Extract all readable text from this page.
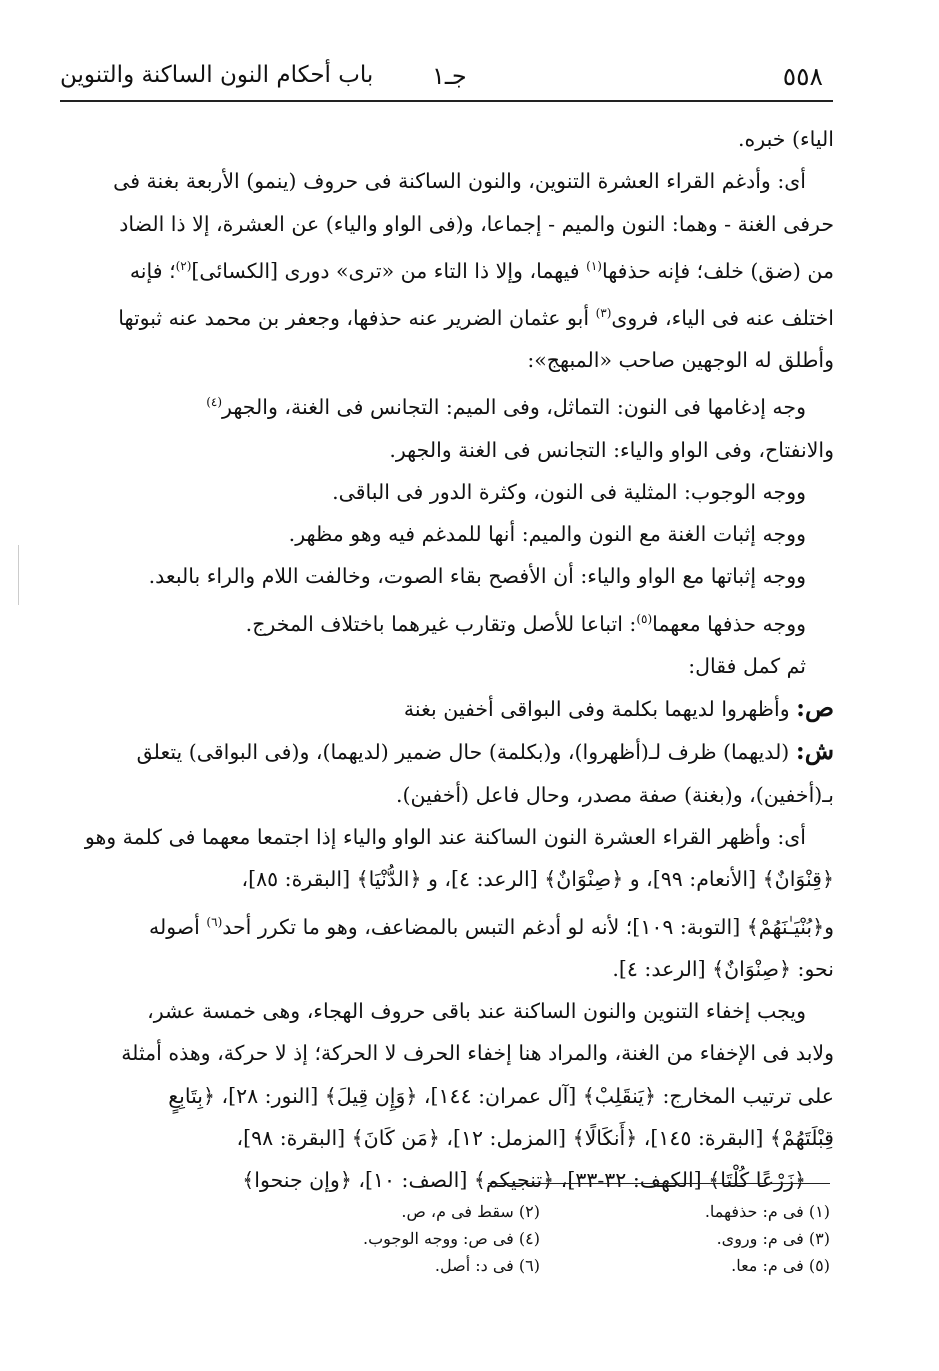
٥٥٨
جـ١
باب أحكام النون الساكنة والتنوين

الياء) خبره.

أى: وأدغم القراء العشرة التنوين، والنون الساكنة فى حروف (ينمو) الأربعة بغنة فى

حرفى الغنة - وهما: النون والميم - إجماعا، و(فى الواو والياء) عن العشرة، إلا ذا الضاد

من (ضق) خلف؛ فإنه حذفها$^{(١)}$ فيهما، وإلا ذا التاء من «ترى» دورى [الكسائى]$^{(٢)}$؛ فإنه

اختلف عنه فى الياء، فروى$^{(٣)}$ أبو عثمان الضرير عنه حذفها، وجعفر بن محمد عنه ثبوتها

وأطلق له الوجهين صاحب «المبهج»:

وجه إدغامها فى النون: التماثل، وفى الميم: التجانس فى الغنة، والجهر$^{(٤)}$

والانفتاح، وفى الواو والياء: التجانس فى الغنة والجهر.

ووجه الوجوب: المثلية فى النون، وكثرة الدور فى الباقى.

ووجه إثبات الغنة مع النون والميم: أنها للمدغم فيه وهو مظهر.

ووجه إثباتها مع الواو والياء: أن الأفصح بقاء الصوت، وخالفت اللام والراء بالبعد.

ووجه حذفها معهما$^{(٥)}$: اتباعا للأصل وتقارب غيرهما باختلاف المخرج.

ثم كمل فقال:

ص: وأظهروا لديهما بكلمة وفى البواقى أخفين بغنة

ش: (لديهما) ظرف لـ(أظهروا)، و(بكلمة) حال ضمير (لديهما)، و(فى البواقى) يتعلق

بـ(أخفين)، و(بغنة) صفة مصدر، وحال فاعل (أخفين).

أى: وأظهر القراء العشرة النون الساكنة عند الواو والياء إذا اجتمعا معهما فى كلمة وهو

﴿قِنْوَانٌ﴾ [الأنعام: ٩٩]، و ﴿صِنْوَانٌ﴾ [الرعد: ٤]، و ﴿الدُّنْيَا﴾ [البقرة: ٨٥]،

و﴿بُنْيَـٰنَهُمْ﴾ [التوبة: ١٠٩]؛ لأنه لو أدغم التبس بالمضاعف، وهو ما تكرر أحد$^{(٦)}$ أصوله

نحو: ﴿صِنْوَانٌ﴾ [الرعد: ٤].

ويجب إخفاء التنوين والنون الساكنة عند باقى حروف الهجاء، وهى خمسة عشر،

ولابد فى الإخفاء من الغنة، والمراد هنا إخفاء الحرف لا الحركة؛ إذ لا حركة، وهذه أمثلة

على ترتيب المخارج: ﴿يَنقَلِبْ﴾ [آل عمران: ١٤٤]، ﴿وَإِن قِيلَ﴾ [النور: ٢٨]، ﴿بِتَابِعٍ

قِبْلَتَهُمْ﴾ [البقرة: ١٤٥]، ﴿أَنكَالًا﴾ [المزمل: ١٢]، ﴿مَن كَانَ﴾ [البقرة: ٩٨]،

﴿زَرْعًا كُلْتَا﴾ [الكهف: ٣٢-٣٣]، ﴿تنجيكم﴾ [الصف: ١٠]، ﴿وإن جنحوا﴾

(١) فى م: حذفهما.
(٣) فى م: وروى.
(٥) فى م: معا.
(٢) سقط فى م، ص.
(٤) فى ص: ووجه الوجوب.
(٦) فى د: أصل.
